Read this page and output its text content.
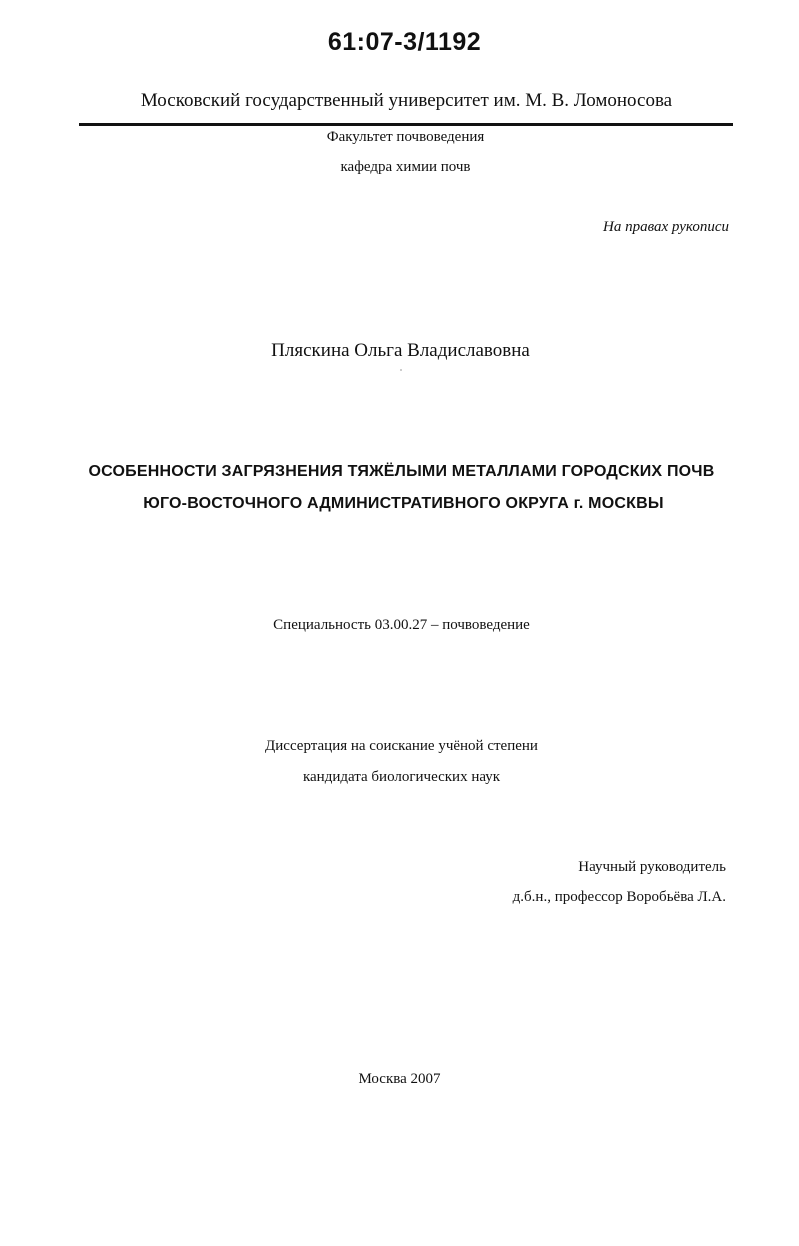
61:07-3/1192
Московский государственный университет им. М. В. Ломоносова
Факультет почвоведения
кафедра химии почв
На правах рукописи
Пляскина Ольга Владиславовна
ОСОБЕННОСТИ ЗАГРЯЗНЕНИЯ ТЯЖЁЛЫМИ МЕТАЛЛАМИ ГОРОДСКИХ ПОЧВ
ЮГО-ВОСТОЧНОГО АДМИНИСТРАТИВНОГО ОКРУГА г. МОСКВЫ
Специальность 03.00.27 – почвоведение
Диссертация на соискание учёной степени
кандидата биологических наук
Научный руководитель
д.б.н., профессор Воробьёва Л.А.
Москва 2007
